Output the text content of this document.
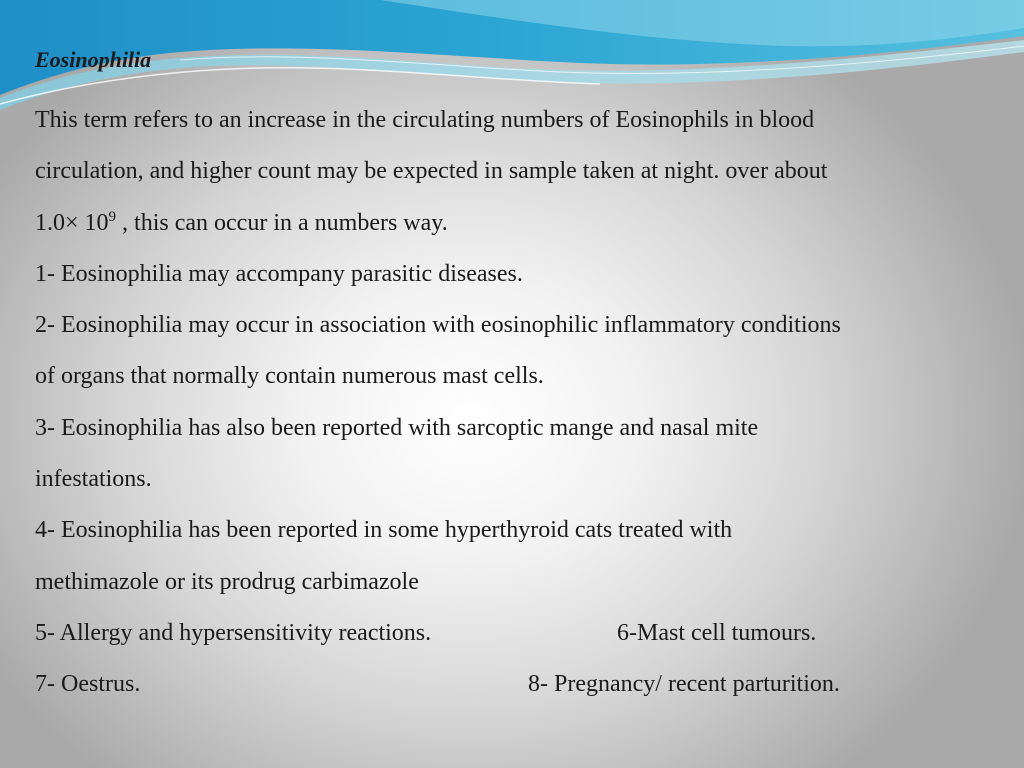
Eosinophilia
This term refers to an increase in the circulating numbers of Eosinophils in blood
circulation, and higher count may be expected in sample taken at night. over about
$1.0\times 10^9$ , this can occur in a numbers way.
1- Eosinophilia may accompany parasitic diseases.
2- Eosinophilia may occur in association with eosinophilic inflammatory conditions
of organs that normally contain numerous mast cells.
3- Eosinophilia has also been reported with sarcoptic mange and nasal mite
infestations.
4- Eosinophilia has been reported in some hyperthyroid cats treated with
methimazole or its prodrug carbimazole
5- Allergy and hypersensitivity reactions.	6-Mast cell tumours.
7- Oestrus.	8- Pregnancy/ recent parturition.
